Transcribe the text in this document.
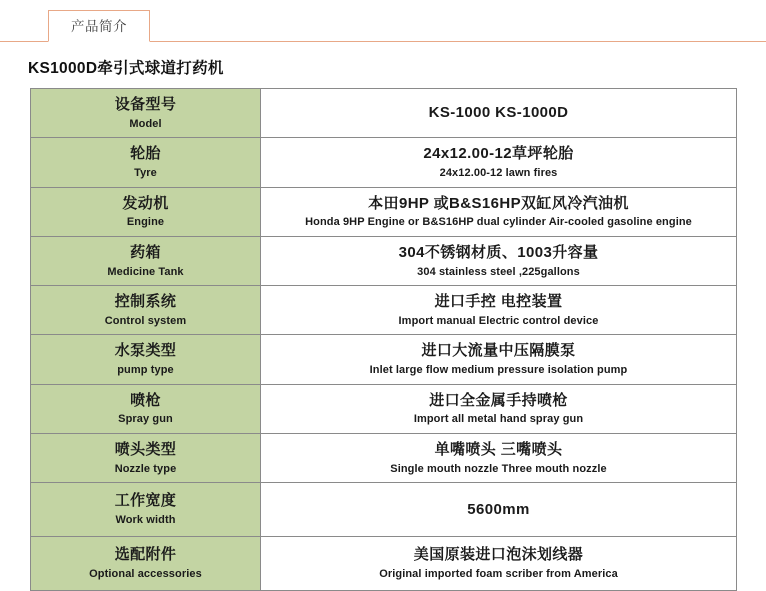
产品简介
KS1000D牵引式球道打药机
设备型号
Model	KS-1000 KS-1000D

轮胎
Tyre	24x12.00-12草坪轮胎
24x12.00-12 lawn fires

发动机
Engine	本田9HP 或B&S16HP双缸风冷汽油机
Honda 9HP Engine or B&S16HP dual cylinder Air-cooled gasoline engine

药箱
Medicine Tank	304不锈钢材质、1003升容量
304 stainless steel ,225gallons

控制系统
Control system	进口手控 电控装置
Import manual Electric control device

水泵类型
pump type	进口大流量中压隔膜泵
Inlet large flow medium pressure isolation pump

喷枪
Spray gun	进口全金属手持喷枪
Import all metal hand spray gun

喷头类型
Nozzle type	单嘴喷头 三嘴喷头
Single mouth nozzle Three mouth nozzle

工作宽度
Work width	5600mm

选配附件
Optional accessories	美国原装进口泡沫划线器
Original imported foam scriber from America
